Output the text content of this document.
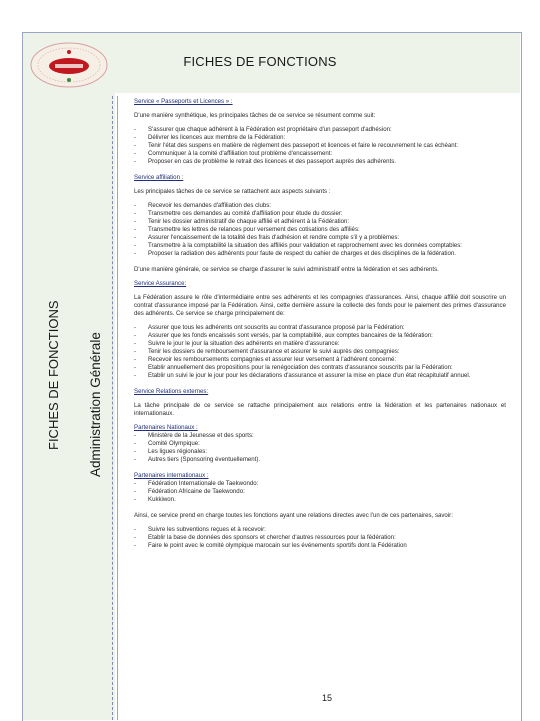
FICHES DE FONCTIONS
FICHES DE FONCTIONS Administration Générale
Service « Passeports et Licences » :

D'une manière synthétique, les principales tâches de ce service se résument comme suit:

- S'assurer que chaque adhérent à la Fédération est propriétaire d'un passeport d'adhésion:
- Délivrer les licences aux membre de la Fédération:
- Tenir l'état des suspens en matière de règlement des passeport et licences et faire le recouvrement le cas échéant:
- Communiquer à la comité d'affiliation tout problème d'encaissement:
- Proposer en cas de problème le retrait des licences et des passeport auprès des adhérents.
Service affiliation :

Les principales tâches de ce service se rattachent aux aspects suivants :

- Recevoir les demandes d'affiliation des clubs:
- Transmettre ces demandes au comité d'affiliation pour étude du dossier:
- Tenir les dossier administratif de chaque affilié et adhérent à la Fédération:
- Transmettre les lettres de relances pour versement des cotisations des affiliés:
- Assurer l'encaissement de la totalité des frais d'adhésion et rendre compte s'il y a problèmes:
- Transmettre à la comptabilité la situation des affiliés pour validation et rapprochement avec les données comptables:
- Proposer la radiation des adhérents pour faute de respect du cahier de charges et des disciplines de la fédération.

D'une manière générale, ce service se charge d'assurer le suivi administratif entre la fédération et ses adhérents.

Service Assurance:

La Fédération assure le rôle d'intermédiaire entre ses adhérents et les compagnies d'assurances. Ainsi, chaque affilié doit souscrire un contrat d'assurance imposé par la Fédération. Ainsi, cette dernière assure la collecte des fonds pour le paiement des primes d'assurance des adhérents. Ce service se charge principalement de:

- Assurer que tous les adhérents ont souscrits au contrat d'assurance proposé par la Fédération:
- Assurer que les fonds encaissés sont versés, par la comptabilité, aux comptes bancaires de la fédération:
- Suivre le jour le jour la situation des adhérents en matière d'assurance:
- Tenir les dossiers de remboursement d'assurance et assurer le suivi auprès des compagnies:
- Recevoir les remboursements compagnies et assurer leur versement à l'adhérent concerné:
- Etablir annuellement des propositions pour la renégociation des contrats d'assurance souscrits par la Fédération:
- Etablir un suivi le jour le jour pour les déclarations d'assurance et assurer la mise en place d'un état récapitulatif annuel.
Service Relations externes:

La tâche principale de ce service se rattache principalement aux relations entre la fédération et les partenaires nationaux et internationaux.

Partenaires Nationaux :
- Ministère de la Jeunesse et des sports:
- Comité Olympique:
- Les ligues régionales:
- Autres tiers (Sponsoring éventuellement).
Partenaires internationaux :
- Fédération Internationale de Taekwondo:
- Fédération Africaine de Taekwondo:
- Kukkiwon.

Ainsi, ce service prend en charge toutes les fonctions ayant une relations directes avec l'un de ces partenaires, savoir:

- Suivre les subventions reçues et à recevoir:
- Etablir la base de données des sponsors et chercher d'autres ressources pour la fédération:
- Faire le point avec le comité olympique marocain sur les événements sportifs dont la Fédération
15
